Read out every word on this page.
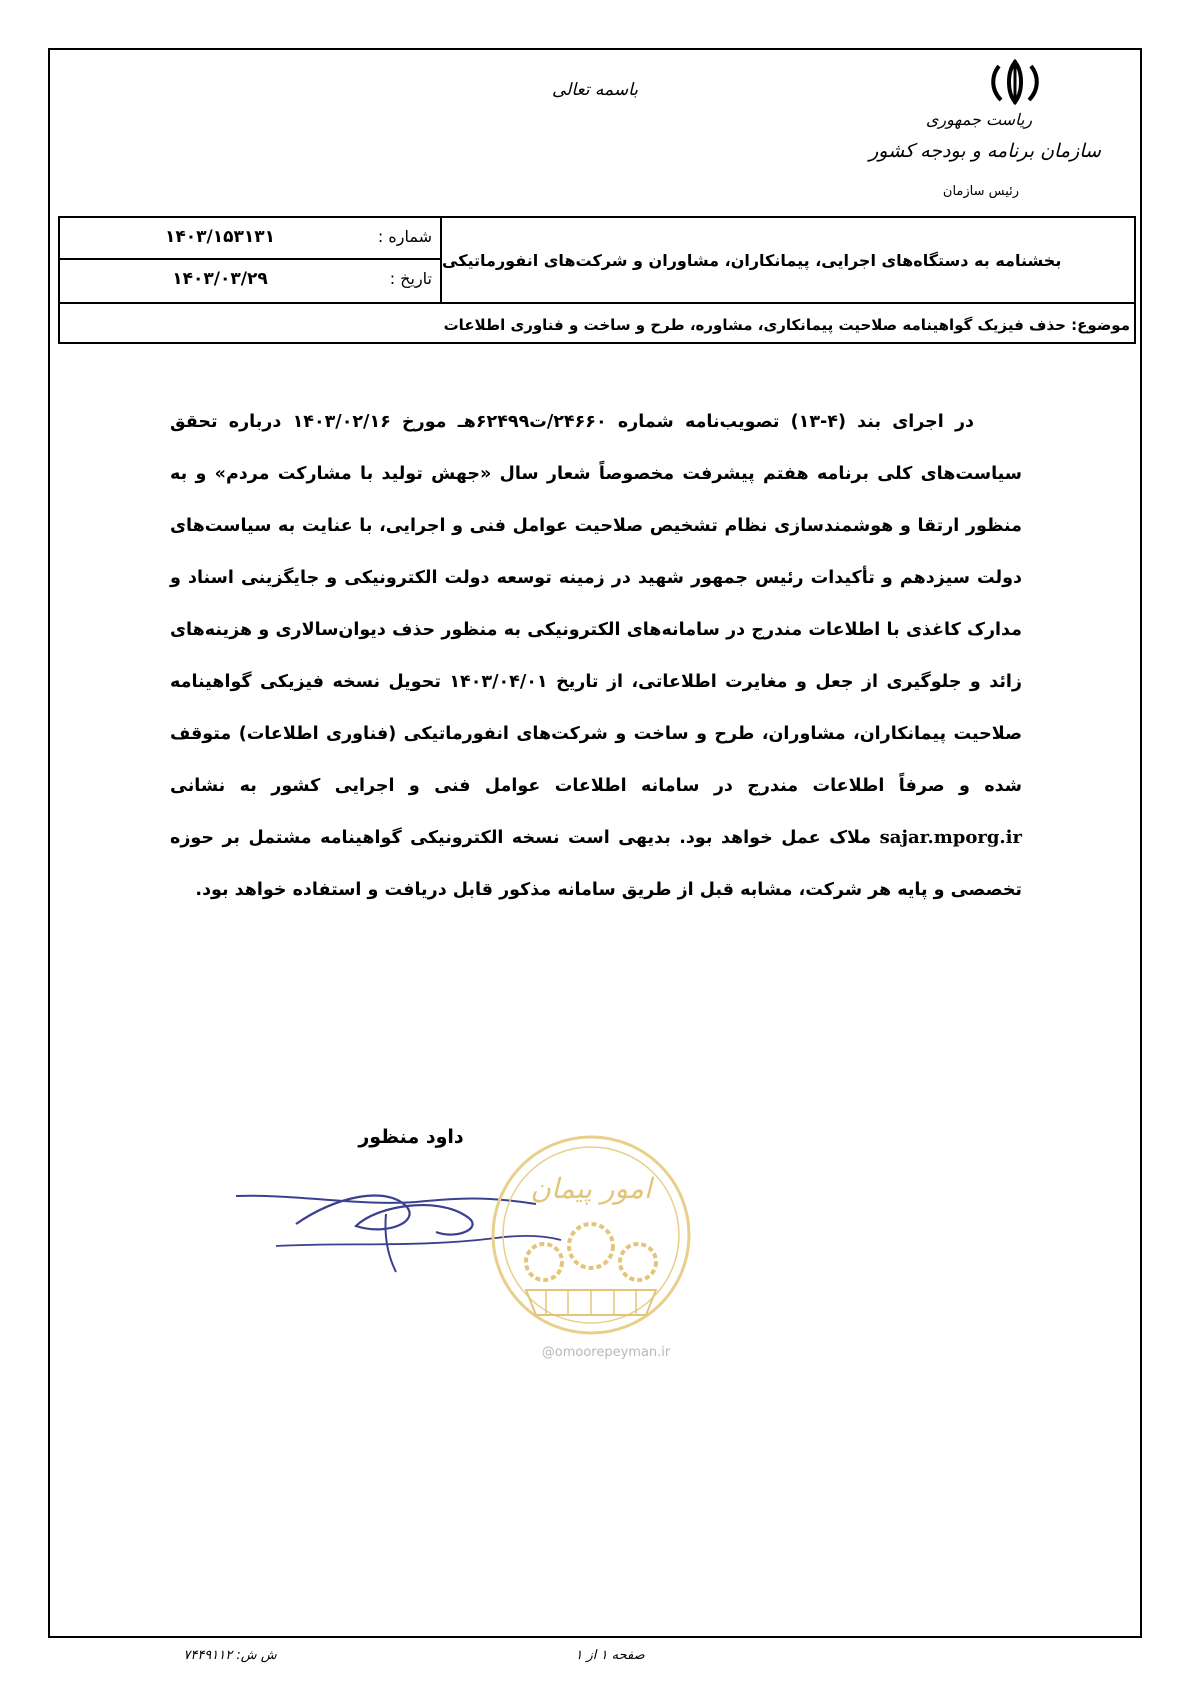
باسمه تعالی
ریاست جمهوری
سازمان برنامه و بودجه کشور
رئیس سازمان
بخشنامه به دستگاه‌های اجرایی، پیمانکاران، مشاوران و شرکت‌های انفورماتیکی
شماره :
۱۴۰۳/۱۵۳۱۳۱
تاریخ :
۱۴۰۳/۰۳/۲۹
موضوع: حذف فیزیک گواهینامه صلاحیت پیمانکاری، مشاوره، طرح و ساخت و فناوری اطلاعات
در اجرای بند (۴-۱۳) تصویب‌نامه شماره ۲۴۶۶۰/ت۶۲۴۹۹هـ مورخ ۱۴۰۳/۰۲/۱۶ درباره تحقق سیاست‌های کلی برنامه هفتم پیشرفت مخصوصاً شعار سال «جهش تولید با مشارکت مردم» و به منظور ارتقا و هوشمندسازی نظام تشخیص صلاحیت عوامل فنی و اجرایی، با عنایت به سیاست‌های دولت سیزدهم و تأکیدات رئیس جمهور شهید در زمینه توسعه دولت الکترونیکی و جایگزینی اسناد و مدارک کاغذی با اطلاعات مندرج در سامانه‌های الکترونیکی به منظور حذف دیوان‌سالاری و هزینه‌های زائد و جلوگیری از جعل و مغایرت اطلاعاتی، از تاریخ ۱۴۰۳/۰۴/۰۱ تحویل نسخه فیزیکی گواهینامه صلاحیت پیمانکاران، مشاوران، طرح و ساخت و شرکت‌های انفورماتیکی (فناوری اطلاعات) متوقف شده و صرفاً اطلاعات مندرج در سامانه اطلاعات عوامل فنی و اجرایی کشور به نشانی sajar.mporg.ir ملاک عمل خواهد بود. بدیهی است نسخه الکترونیکی گواهینامه مشتمل بر حوزه تخصصی و پایه هر شرکت، مشابه قبل از طریق سامانه مذکور قابل دریافت و استفاده خواهد بود.
داود منظور
امور پیمان
@omoorepeyman.ir
ش ش: ۷۴۴۹۱۱۲	صفحه ۱ از ۱
